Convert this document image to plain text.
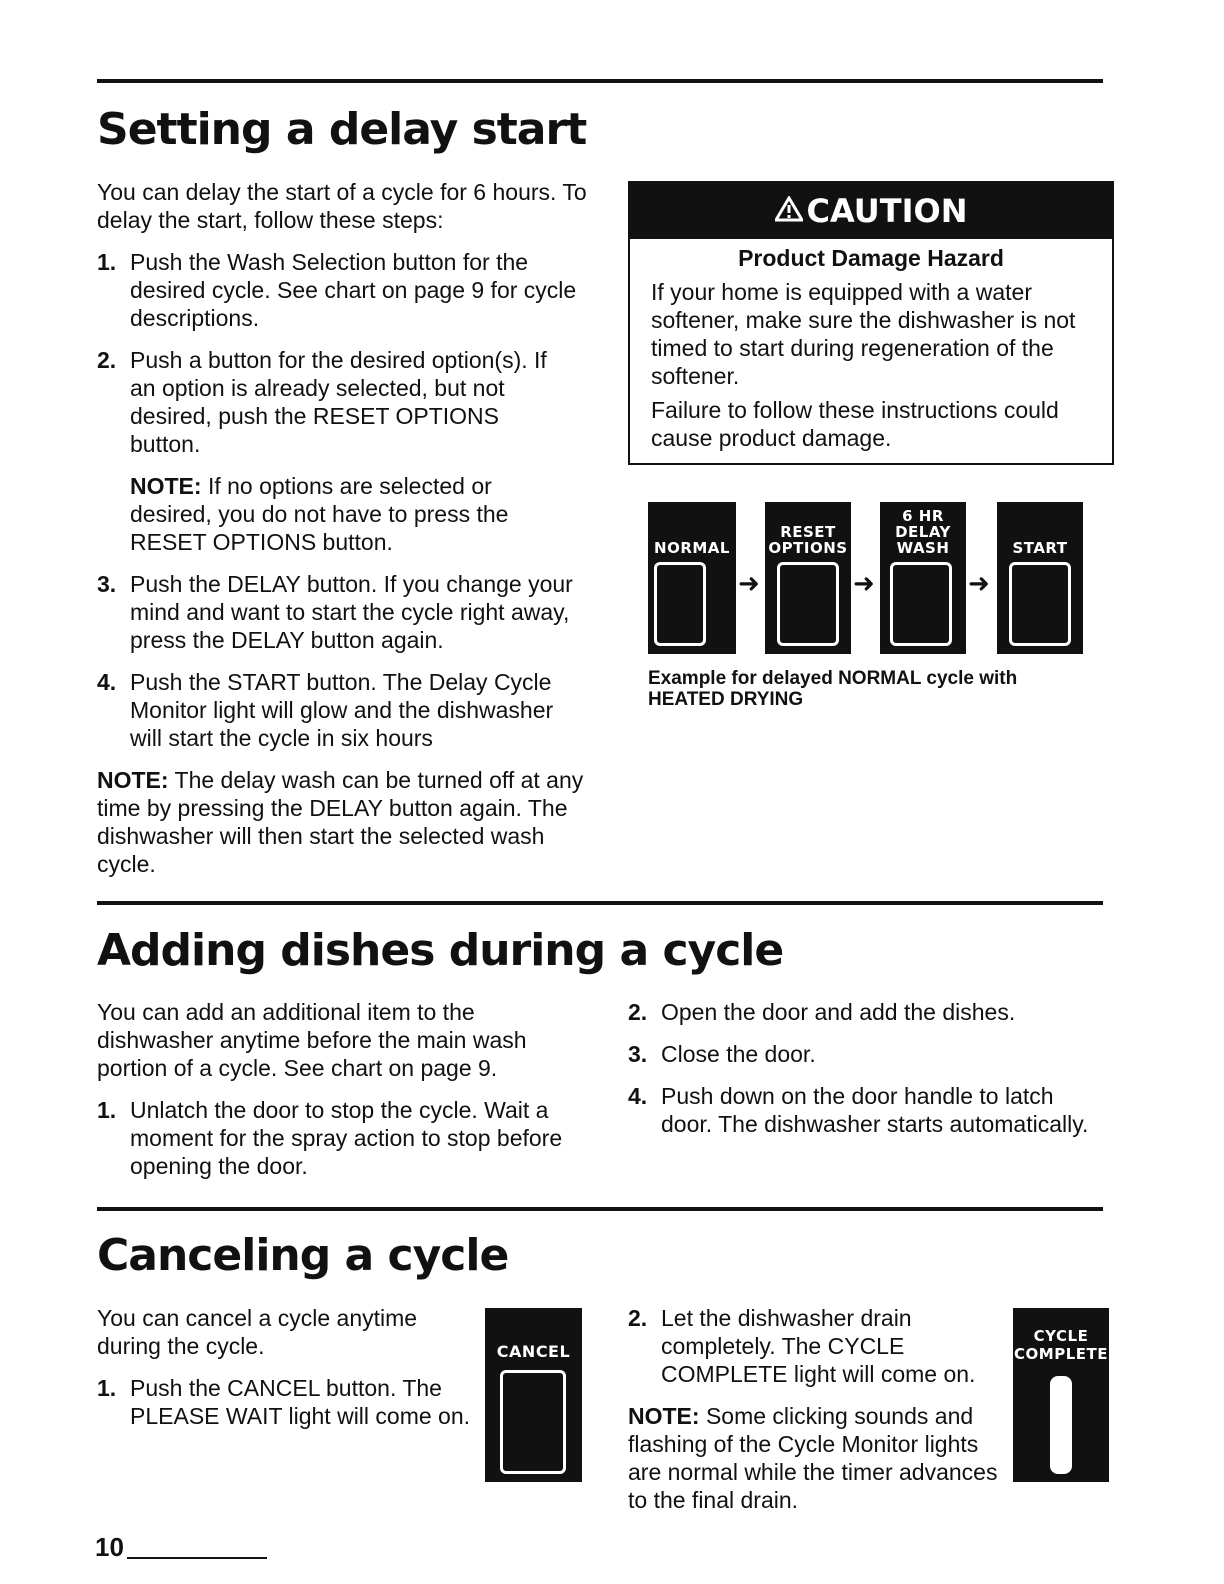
Setting a delay start
You can delay the start of a cycle for 6 hours. To delay the start, follow these steps:
1. Push the Wash Selection button for the desired cycle. See chart on page 9 for cycle descriptions.
2. Push a button for the desired option(s). If an option is already selected, but not desired, push the RESET OPTIONS button.
NOTE: If no options are selected or desired, you do not have to press the RESET OPTIONS button.
3. Push the DELAY button. If you change your mind and want to start the cycle right away, press the DELAY button again.
4. Push the START button. The Delay Cycle Monitor light will glow and the dishwasher will start the cycle in six hours
NOTE: The delay wash can be turned off at any time by pressing the DELAY button again. The dishwasher will then start the selected wash cycle.
CAUTION
Product Damage Hazard
If your home is equipped with a water softener, make sure the dishwasher is not timed to start during regeneration of the softener.
Failure to follow these instructions could cause product damage.
NORMAL
➜
RESET
OPTIONS
➜
6 HR
DELAY
WASH
➜
START
Example for delayed NORMAL cycle with
HEATED DRYING
Adding dishes during a cycle
You can add an additional item to the dishwasher anytime before the main wash portion of a cycle. See chart on page 9.
1. Unlatch the door to stop the cycle. Wait a moment for the spray action to stop before opening the door.
2. Open the door and add the dishes.
3. Close the door.
4. Push down on the door handle to latch door. The dishwasher starts automatically.
Canceling a cycle
You can cancel a cycle anytime during the cycle.
1. Push the CANCEL button. The PLEASE WAIT light will come on.
CANCEL
2. Let the dishwasher drain completely. The CYCLE COMPLETE light will come on.
NOTE: Some clicking sounds and flashing of the Cycle Monitor lights are normal while the timer advances to the final drain.
CYCLE
COMPLETE
10
